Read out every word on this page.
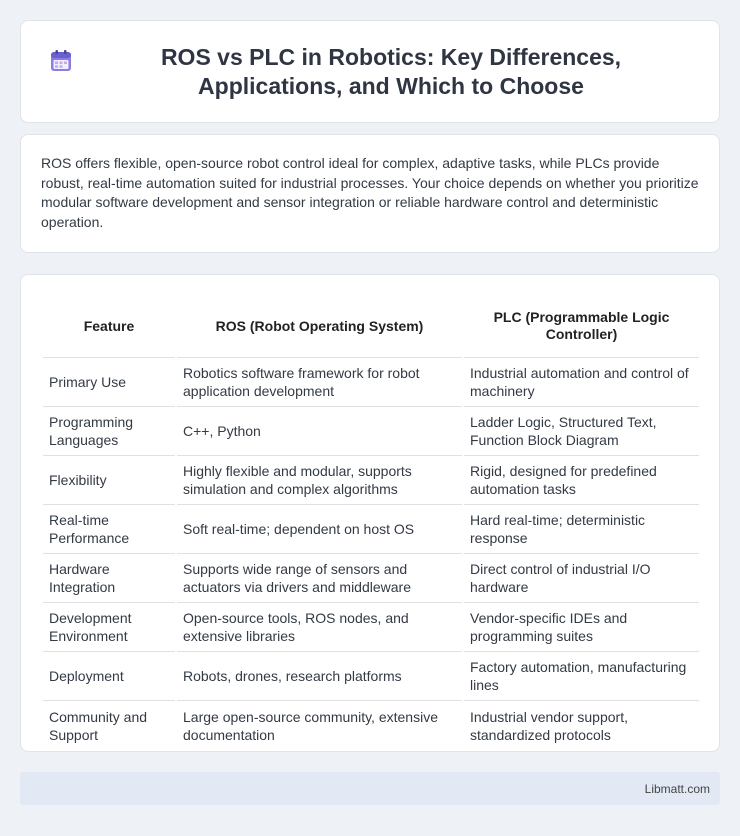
ROS vs PLC in Robotics: Key Differences, Applications, and Which to Choose

ROS offers flexible, open-source robot control ideal for complex, adaptive tasks, while PLCs provide robust, real-time automation suited for industrial processes. Your choice depends on whether you prioritize modular software development and sensor integration or reliable hardware control and deterministic operation.

Feature	ROS (Robot Operating System)	PLC (Programmable Logic Controller)
Primary Use	Robotics software framework for robot application development	Industrial automation and control of machinery
Programming Languages	C++, Python	Ladder Logic, Structured Text, Function Block Diagram
Flexibility	Highly flexible and modular, supports simulation and complex algorithms	Rigid, designed for predefined automation tasks
Real-time Performance	Soft real-time; dependent on host OS	Hard real-time; deterministic response
Hardware Integration	Supports wide range of sensors and actuators via drivers and middleware	Direct control of industrial I/O hardware
Development Environment	Open-source tools, ROS nodes, and extensive libraries	Vendor-specific IDEs and programming suites
Deployment	Robots, drones, research platforms	Factory automation, manufacturing lines
Community and Support	Large open-source community, extensive documentation	Industrial vendor support, standardized protocols
Libmatt.com
